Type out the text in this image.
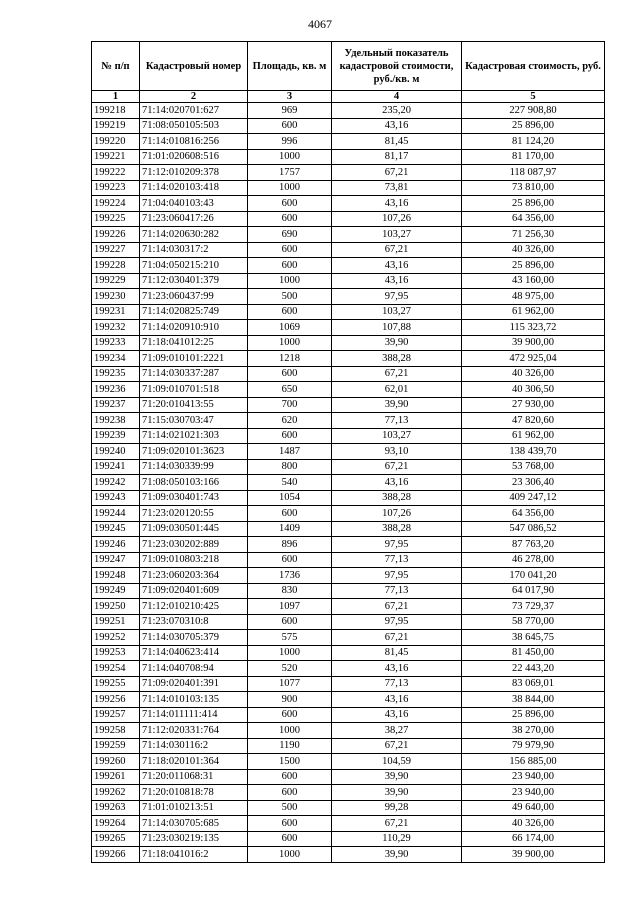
4067
№ п/п	Кадастровый номер	Площадь, кв. м	Удельный показатель кадастровой стоимости, руб./кв. м	Кадастровая стоимость, руб.
1	2	3	4	5
199218	71:14:020701:627	969	235,20	227 908,80
199219	71:08:050105:503	600	43,16	25 896,00
199220	71:14:010816:256	996	81,45	81 124,20
199221	71:01:020608:516	1000	81,17	81 170,00
199222	71:12:010209:378	1757	67,21	118 087,97
199223	71:14:020103:418	1000	73,81	73 810,00
199224	71:04:040103:43	600	43,16	25 896,00
199225	71:23:060417:26	600	107,26	64 356,00
199226	71:14:020630:282	690	103,27	71 256,30
199227	71:14:030317:2	600	67,21	40 326,00
199228	71:04:050215:210	600	43,16	25 896,00
199229	71:12:030401:379	1000	43,16	43 160,00
199230	71:23:060437:99	500	97,95	48 975,00
199231	71:14:020825:749	600	103,27	61 962,00
199232	71:14:020910:910	1069	107,88	115 323,72
199233	71:18:041012:25	1000	39,90	39 900,00
199234	71:09:010101:2221	1218	388,28	472 925,04
199235	71:14:030337:287	600	67,21	40 326,00
199236	71:09:010701:518	650	62,01	40 306,50
199237	71:20:010413:55	700	39,90	27 930,00
199238	71:15:030703:47	620	77,13	47 820,60
199239	71:14:021021:303	600	103,27	61 962,00
199240	71:09:020101:3623	1487	93,10	138 439,70
199241	71:14:030339:99	800	67,21	53 768,00
199242	71:08:050103:166	540	43,16	23 306,40
199243	71:09:030401:743	1054	388,28	409 247,12
199244	71:23:020120:55	600	107,26	64 356,00
199245	71:09:030501:445	1409	388,28	547 086,52
199246	71:23:030202:889	896	97,95	87 763,20
199247	71:09:010803:218	600	77,13	46 278,00
199248	71:23:060203:364	1736	97,95	170 041,20
199249	71:09:020401:609	830	77,13	64 017,90
199250	71:12:010210:425	1097	67,21	73 729,37
199251	71:23:070310:8	600	97,95	58 770,00
199252	71:14:030705:379	575	67,21	38 645,75
199253	71:14:040623:414	1000	81,45	81 450,00
199254	71:14:040708:94	520	43,16	22 443,20
199255	71:09:020401:391	1077	77,13	83 069,01
199256	71:14:010103:135	900	43,16	38 844,00
199257	71:14:011111:414	600	43,16	25 896,00
199258	71:12:020331:764	1000	38,27	38 270,00
199259	71:14:030116:2	1190	67,21	79 979,90
199260	71:18:020101:364	1500	104,59	156 885,00
199261	71:20:011068:31	600	39,90	23 940,00
199262	71:20:010818:78	600	39,90	23 940,00
199263	71:01:010213:51	500	99,28	49 640,00
199264	71:14:030705:685	600	67,21	40 326,00
199265	71:23:030219:135	600	110,29	66 174,00
199266	71:18:041016:2	1000	39,90	39 900,00
